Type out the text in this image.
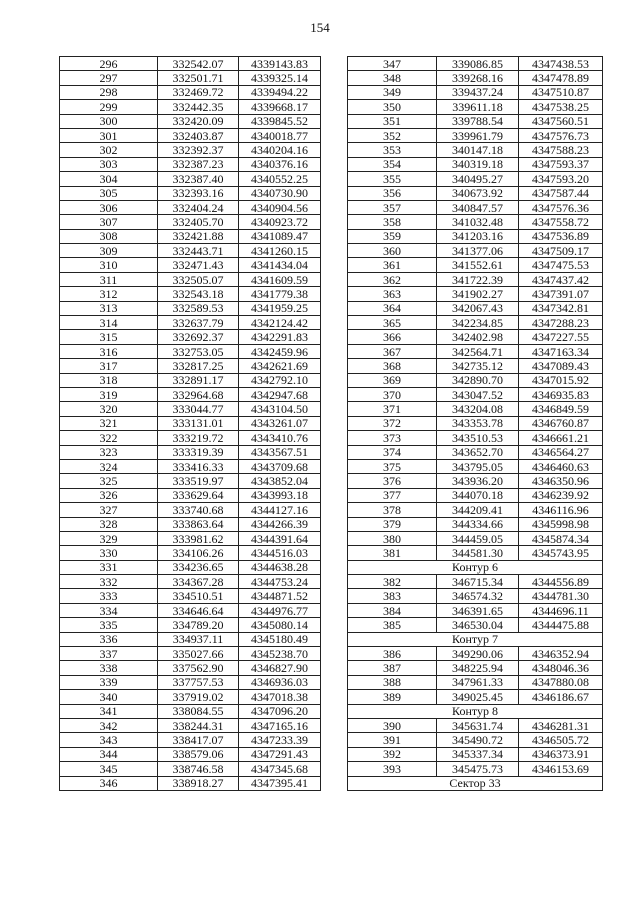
154
296	332542.07	4339143.83
297	332501.71	4339325.14
298	332469.72	4339494.22
299	332442.35	4339668.17
300	332420.09	4339845.52
301	332403.87	4340018.77
302	332392.37	4340204.16
303	332387.23	4340376.16
304	332387.40	4340552.25
305	332393.16	4340730.90
306	332404.24	4340904.56
307	332405.70	4340923.72
308	332421.88	4341089.47
309	332443.71	4341260.15
310	332471.43	4341434.04
311	332505.07	4341609.59
312	332543.18	4341779.38
313	332589.53	4341959.25
314	332637.79	4342124.42
315	332692.37	4342291.83
316	332753.05	4342459.96
317	332817.25	4342621.69
318	332891.17	4342792.10
319	332964.68	4342947.68
320	333044.77	4343104.50
321	333131.01	4343261.07
322	333219.72	4343410.76
323	333319.39	4343567.51
324	333416.33	4343709.68
325	333519.97	4343852.04
326	333629.64	4343993.18
327	333740.68	4344127.16
328	333863.64	4344266.39
329	333981.62	4344391.64
330	334106.26	4344516.03
331	334236.65	4344638.28
332	334367.28	4344753.24
333	334510.51	4344871.52
334	334646.64	4344976.77
335	334789.20	4345080.14
336	334937.11	4345180.49
337	335027.66	4345238.70
338	337562.90	4346827.90
339	337757.53	4346936.03
340	337919.02	4347018.38
341	338084.55	4347096.20
342	338244.31	4347165.16
343	338417.07	4347233.39
344	338579.06	4347291.43
345	338746.58	4347345.68
346	338918.27	4347395.41
347	339086.85	4347438.53
348	339268.16	4347478.89
349	339437.24	4347510.87
350	339611.18	4347538.25
351	339788.54	4347560.51
352	339961.79	4347576.73
353	340147.18	4347588.23
354	340319.18	4347593.37
355	340495.27	4347593.20
356	340673.92	4347587.44
357	340847.57	4347576.36
358	341032.48	4347558.72
359	341203.16	4347536.89
360	341377.06	4347509.17
361	341552.61	4347475.53
362	341722.39	4347437.42
363	341902.27	4347391.07
364	342067.43	4347342.81
365	342234.85	4347288.23
366	342402.98	4347227.55
367	342564.71	4347163.34
368	342735.12	4347089.43
369	342890.70	4347015.92
370	343047.52	4346935.83
371	343204.08	4346849.59
372	343353.78	4346760.87
373	343510.53	4346661.21
374	343652.70	4346564.27
375	343795.05	4346460.63
376	343936.20	4346350.96
377	344070.18	4346239.92
378	344209.41	4346116.96
379	344334.66	4345998.98
380	344459.05	4345874.34
381	344581.30	4345743.95
Контур 6		
382	346715.34	4344556.89
383	346574.32	4344781.30
384	346391.65	4344696.11
385	346530.04	4344475.88
Контур 7		
386	349290.06	4346352.94
387	348225.94	4348046.36
388	347961.33	4347880.08
389	349025.45	4346186.67
Контур 8		
390	345631.74	4346281.31
391	345490.72	4346505.72
392	345337.34	4346373.91
393	345475.73	4346153.69
Сектор 33		
